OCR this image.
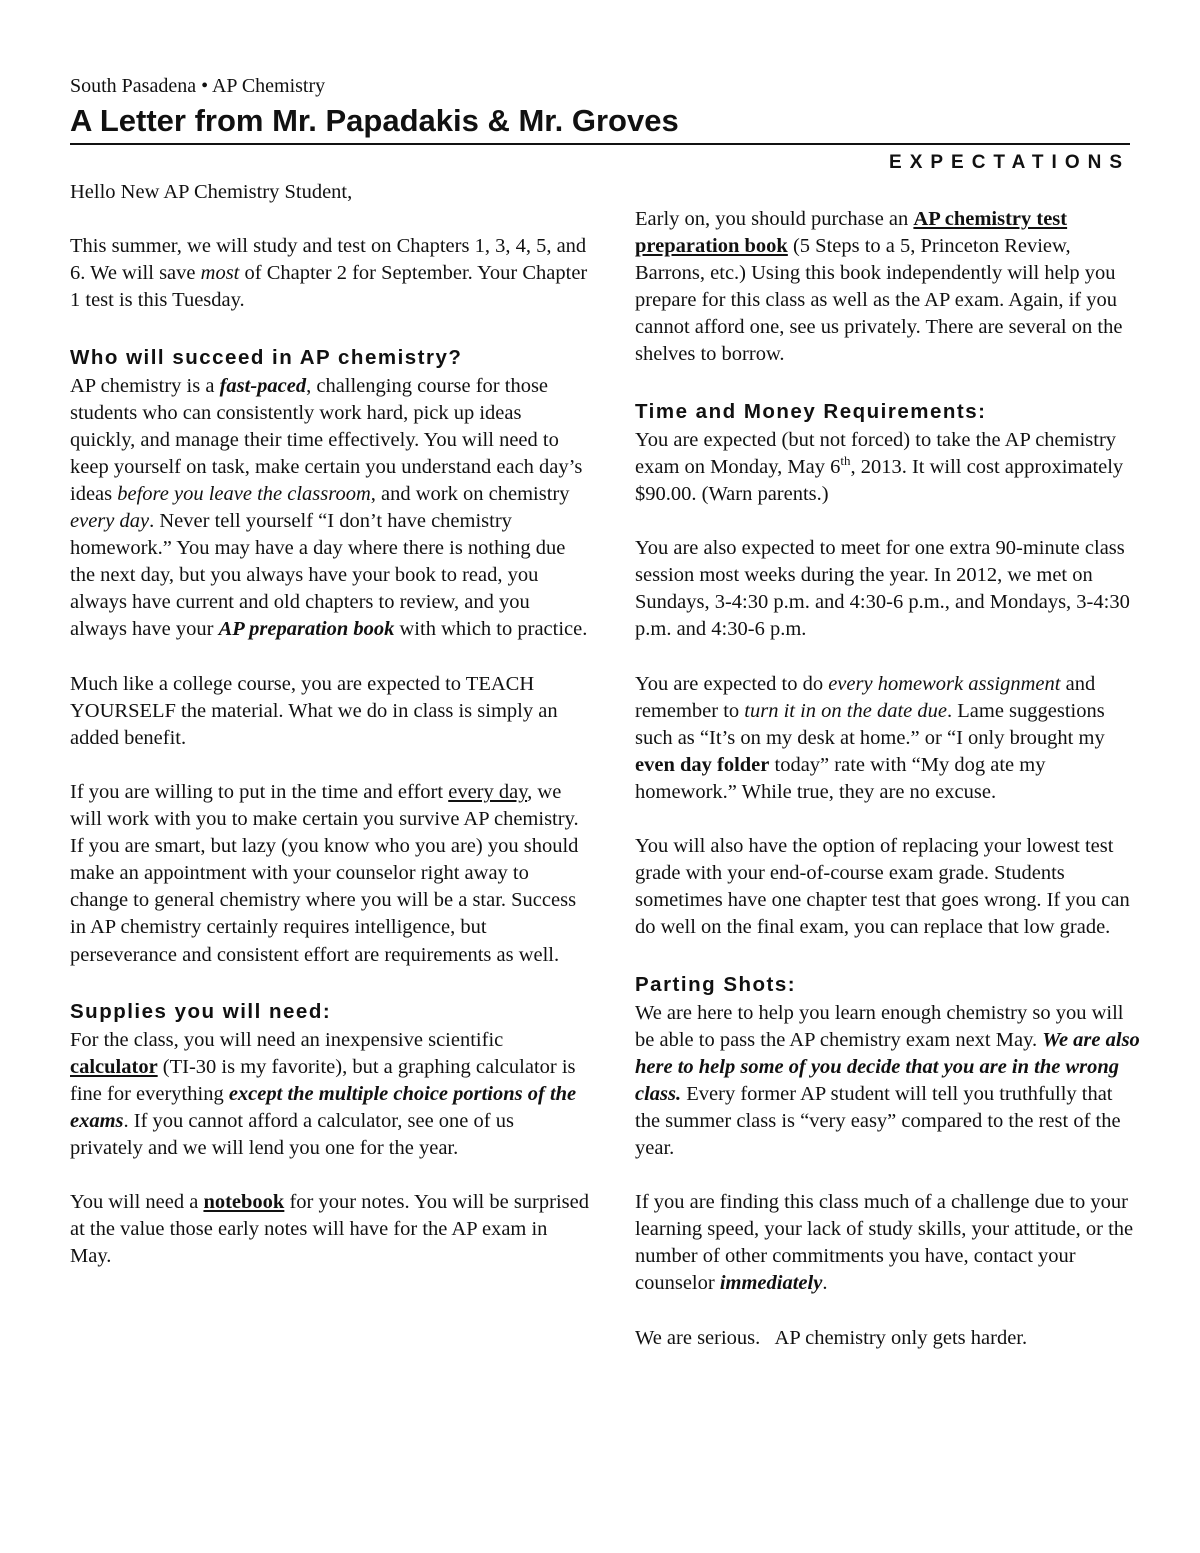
South Pasadena • AP Chemistry
A Letter from Mr. Papadakis & Mr. Groves
EXPECTATIONS

Hello New AP Chemistry Student,

This summer, we will study and test on Chapters 1, 3, 4, 5, and 6. We will save most of Chapter 2 for September. Your Chapter 1 test is this Tuesday.

Who will succeed in AP chemistry?

AP chemistry is a fast-paced, challenging course for those students who can consistently work hard, pick up ideas quickly, and manage their time effectively. You will need to keep yourself on task, make certain you understand each day’s ideas before you leave the classroom, and work on chemistry every day. Never tell yourself “I don’t have chemistry homework.” You may have a day where there is nothing due the next day, but you always have your book to read, you always have current and old chapters to review, and you always have your AP preparation book with which to practice.

Much like a college course, you are expected to TEACH YOURSELF the material. What we do in class is simply an added benefit.

If you are willing to put in the time and effort every day, we will work with you to make certain you survive AP chemistry. If you are smart, but lazy (you know who you are) you should make an appointment with your counselor right away to change to general chemistry where you will be a star. Success in AP chemistry certainly requires intelligence, but perseverance and consistent effort are requirements as well.

Supplies you will need:

For the class, you will need an inexpensive scientific calculator (TI-30 is my favorite), but a graphing calculator is fine for everything except the multiple choice portions of the exams. If you cannot afford a calculator, see one of us privately and we will lend you one for the year.

You will need a notebook for your notes. You will be surprised at the value those early notes will have for the AP exam in May.

Early on, you should purchase an AP chemistry test preparation book (5 Steps to a 5, Princeton Review, Barrons, etc.) Using this book independently will help you prepare for this class as well as the AP exam. Again, if you cannot afford one, see us privately. There are several on the shelves to borrow.

Time and Money Requirements:

You are expected (but not forced) to take the AP chemistry exam on Monday, May 6th, 2013. It will cost approximately $90.00. (Warn parents.)

You are also expected to meet for one extra 90-minute class session most weeks during the year. In 2012, we met on Sundays, 3-4:30 p.m. and 4:30-6 p.m., and Mondays, 3-4:30 p.m. and 4:30-6 p.m.

You are expected to do every homework assignment and remember to turn it in on the date due. Lame suggestions such as “It’s on my desk at home.” or “I only brought my even day folder today” rate with “My dog ate my homework.” While true, they are no excuse.

You will also have the option of replacing your lowest test grade with your end-of-course exam grade. Students sometimes have one chapter test that goes wrong. If you can do well on the final exam, you can replace that low grade.

Parting Shots:

We are here to help you learn enough chemistry so you will be able to pass the AP chemistry exam next May. We are also here to help some of you decide that you are in the wrong class. Every former AP student will tell you truthfully that the summer class is “very easy” compared to the rest of the year.

If you are finding this class much of a challenge due to your learning speed, your lack of study skills, your attitude, or the number of other commitments you have, contact your counselor immediately.

We are serious.   AP chemistry only gets harder.
